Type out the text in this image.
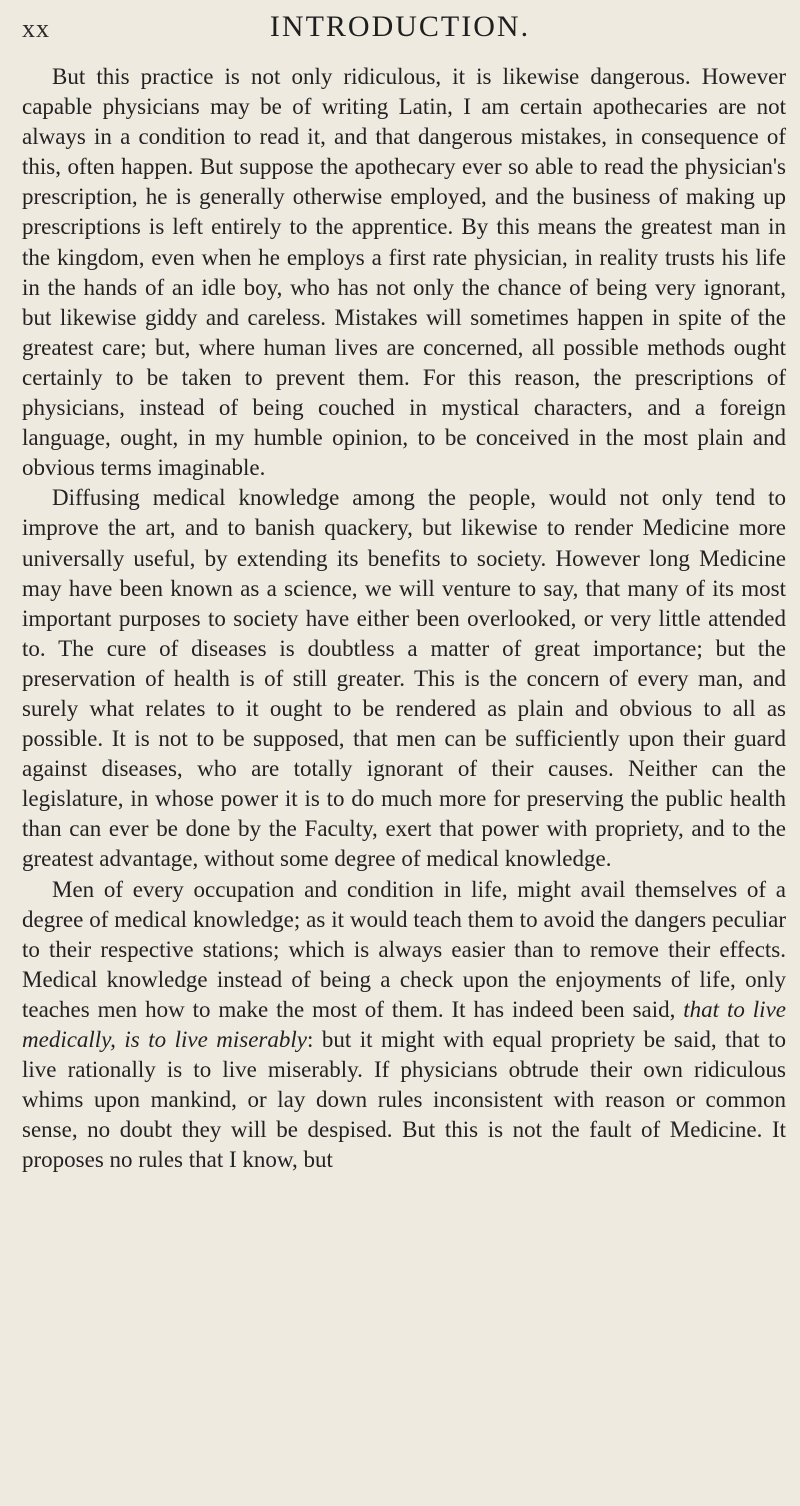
xx	INTRODUCTION.

But this practice is not only ridiculous, it is likewise dangerous. However capable physicians may be of writing Latin, I am certain apothecaries are not always in a condition to read it, and that dangerous mistakes, in consequence of this, often happen. But suppose the apothecary ever so able to read the physician's prescription, he is generally otherwise employed, and the business of making up prescriptions is left entirely to the apprentice. By this means the greatest man in the kingdom, even when he employs a first rate physician, in reality trusts his life in the hands of an idle boy, who has not only the chance of being very ignorant, but likewise giddy and careless. Mistakes will sometimes happen in spite of the greatest care; but, where human lives are concerned, all possible methods ought certainly to be taken to prevent them. For this reason, the prescriptions of physicians, instead of being couched in mystical characters, and a foreign language, ought, in my humble opinion, to be conceived in the most plain and obvious terms imaginable.

Diffusing medical knowledge among the people, would not only tend to improve the art, and to banish quackery, but likewise to render Medicine more universally useful, by extending its benefits to society. However long Medicine may have been known as a science, we will venture to say, that many of its most important purposes to society have either been overlooked, or very little attended to. The cure of diseases is doubtless a matter of great importance; but the preservation of health is of still greater. This is the concern of every man, and surely what relates to it ought to be rendered as plain and obvious to all as possible. It is not to be supposed, that men can be sufficiently upon their guard against diseases, who are totally ignorant of their causes. Neither can the legislature, in whose power it is to do much more for preserving the public health than can ever be done by the Faculty, exert that power with propriety, and to the greatest advantage, without some degree of medical knowledge.

Men of every occupation and condition in life, might avail themselves of a degree of medical knowledge; as it would teach them to avoid the dangers peculiar to their respective stations; which is always easier than to remove their effects. Medical knowledge instead of being a check upon the enjoyments of life, only teaches men how to make the most of them. It has indeed been said, that to live medically, is to live miserably: but it might with equal propriety be said, that to live rationally is to live miserably. If physicians obtrude their own ridiculous whims upon mankind, or lay down rules inconsistent with reason or common sense, no doubt they will be despised. But this is not the fault of Medicine. It proposes no rules that I know, but
